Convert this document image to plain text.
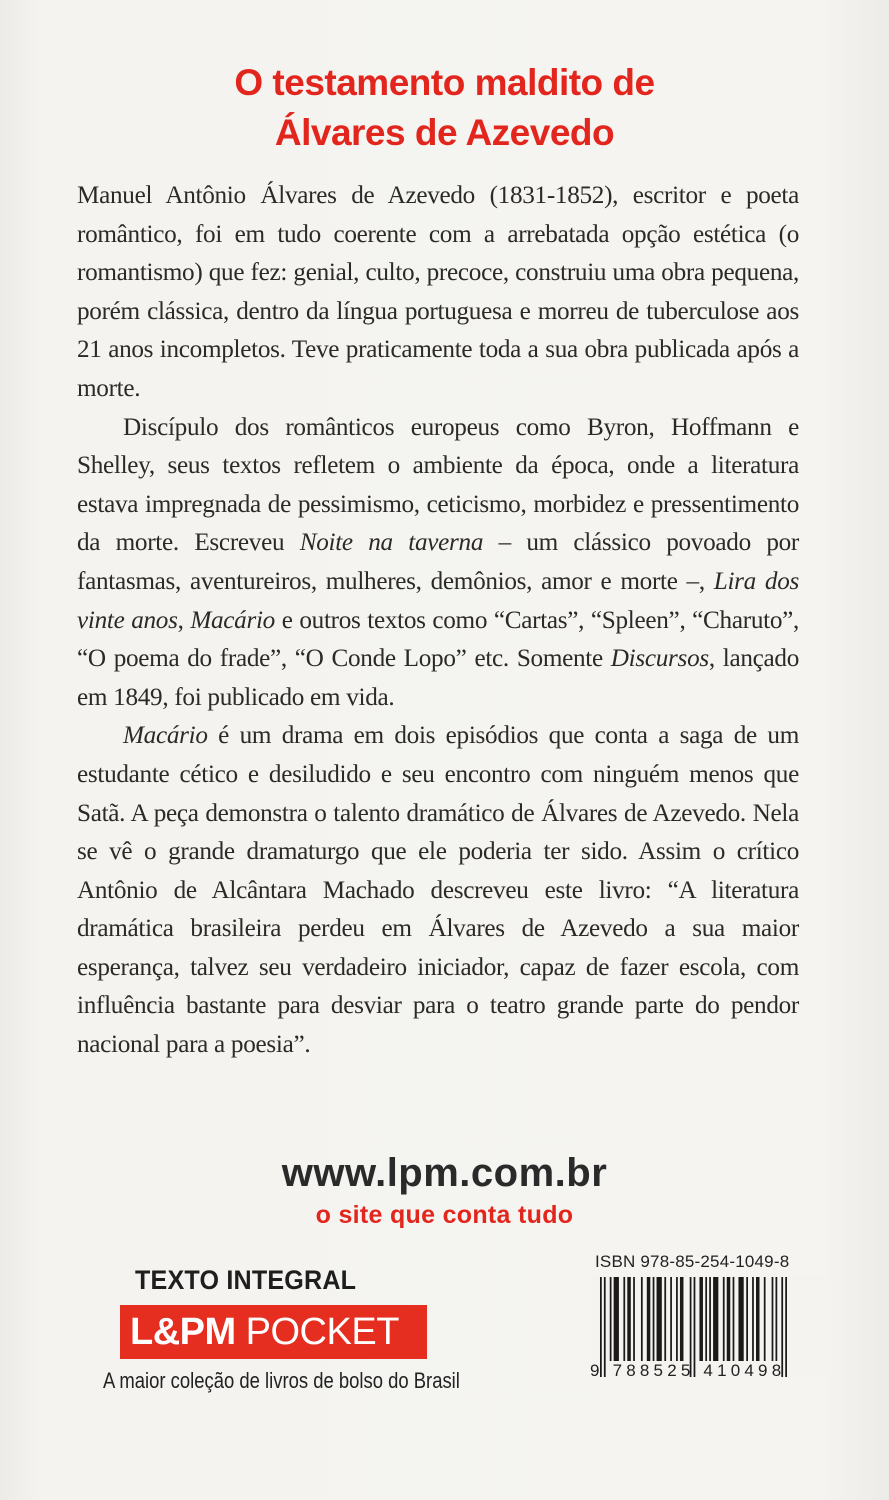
O testamento maldito de
Álvares de Azevedo

Manuel Antônio Álvares de Azevedo (1831-1852), escritor e poeta romântico, foi em tudo coerente com a arrebatada opção estética (o romantismo) que fez: genial, culto, precoce, construiu uma obra pequena, porém clássica, dentro da língua portuguesa e morreu de tuberculose aos 21 anos incompletos. Teve praticamente toda a sua obra publicada após a morte.

Discípulo dos românticos europeus como Byron, Hoffmann e Shelley, seus textos refletem o ambiente da época, onde a literatura estava impregnada de pessimismo, ceticismo, morbidez e pressentimento da morte. Escreveu Noite na taverna – um clássico povoado por fantasmas, aventureiros, mulheres, demônios, amor e morte –, Lira dos vinte anos, Macário e outros textos como “Cartas”, “Spleen”, “Charuto”, “O poema do frade”, “O Conde Lopo” etc. Somente Discursos, lançado em 1849, foi publicado em vida.

Macário é um drama em dois episódios que conta a saga de um estudante cético e desiludido e seu encontro com ninguém menos que Satã. A peça demonstra o talento dramático de Álvares de Azevedo. Nela se vê o grande dramaturgo que ele poderia ter sido. Assim o crítico Antônio de Alcântara Machado descreveu este livro: “A literatura dramática brasileira perdeu em Álvares de Azevedo a sua maior esperança, talvez seu verdadeiro iniciador, capaz de fazer escola, com influência bastante para desviar para o teatro grande parte do pendor nacional para a poesia”.

www.lpm.com.br
o site que conta tudo
TEXTO INTEGRAL
L&PM POCKET
A maior coleção de livros de bolso do Brasil
ISBN 978-85-254-1049-8
9 788525 410498
